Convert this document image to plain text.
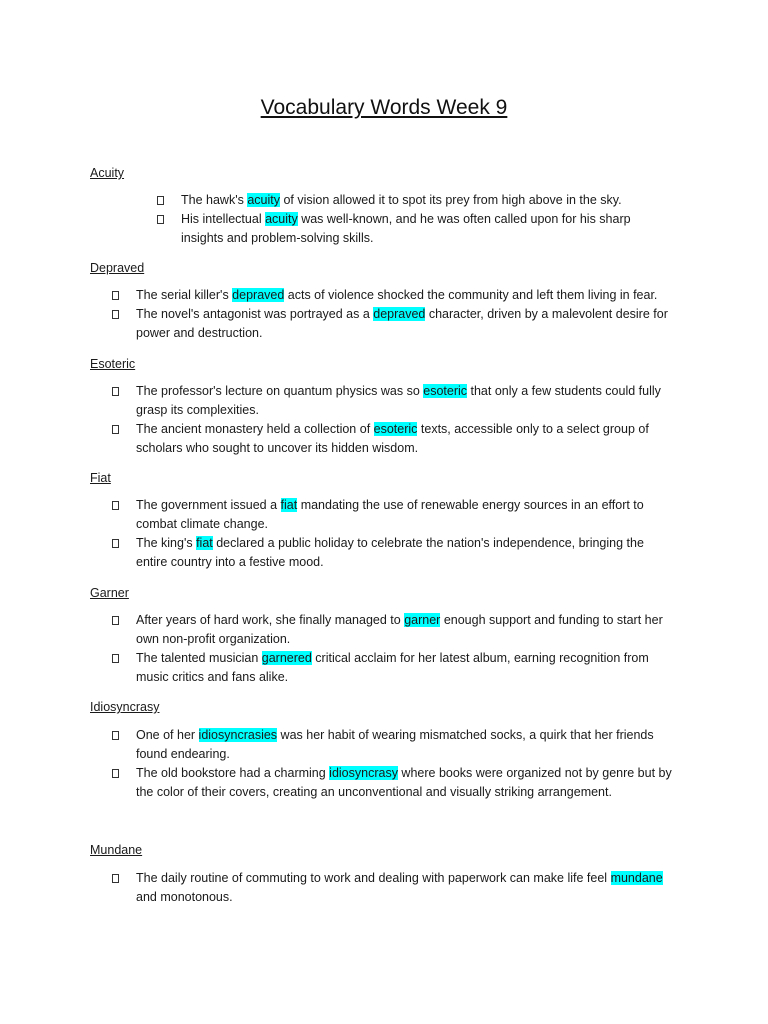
Vocabulary Words Week 9
Acuity
The hawk's acuity of vision allowed it to spot its prey from high above in the sky.
His intellectual acuity was well-known, and he was often called upon for his sharp insights and problem-solving skills.
Depraved
The serial killer's depraved acts of violence shocked the community and left them living in fear.
The novel's antagonist was portrayed as a depraved character, driven by a malevolent desire for power and destruction.
Esoteric
The professor's lecture on quantum physics was so esoteric that only a few students could fully grasp its complexities.
The ancient monastery held a collection of esoteric texts, accessible only to a select group of scholars who sought to uncover its hidden wisdom.
Fiat
The government issued a fiat mandating the use of renewable energy sources in an effort to combat climate change.
The king's fiat declared a public holiday to celebrate the nation's independence, bringing the entire country into a festive mood.
Garner
After years of hard work, she finally managed to garner enough support and funding to start her own non-profit organization.
The talented musician garnered critical acclaim for her latest album, earning recognition from music critics and fans alike.
Idiosyncrasy
One of her idiosyncrasies was her habit of wearing mismatched socks, a quirk that her friends found endearing.
The old bookstore had a charming idiosyncrasy where books were organized not by genre but by the color of their covers, creating an unconventional and visually striking arrangement.
Mundane
The daily routine of commuting to work and dealing with paperwork can make life feel mundane and monotonous.
